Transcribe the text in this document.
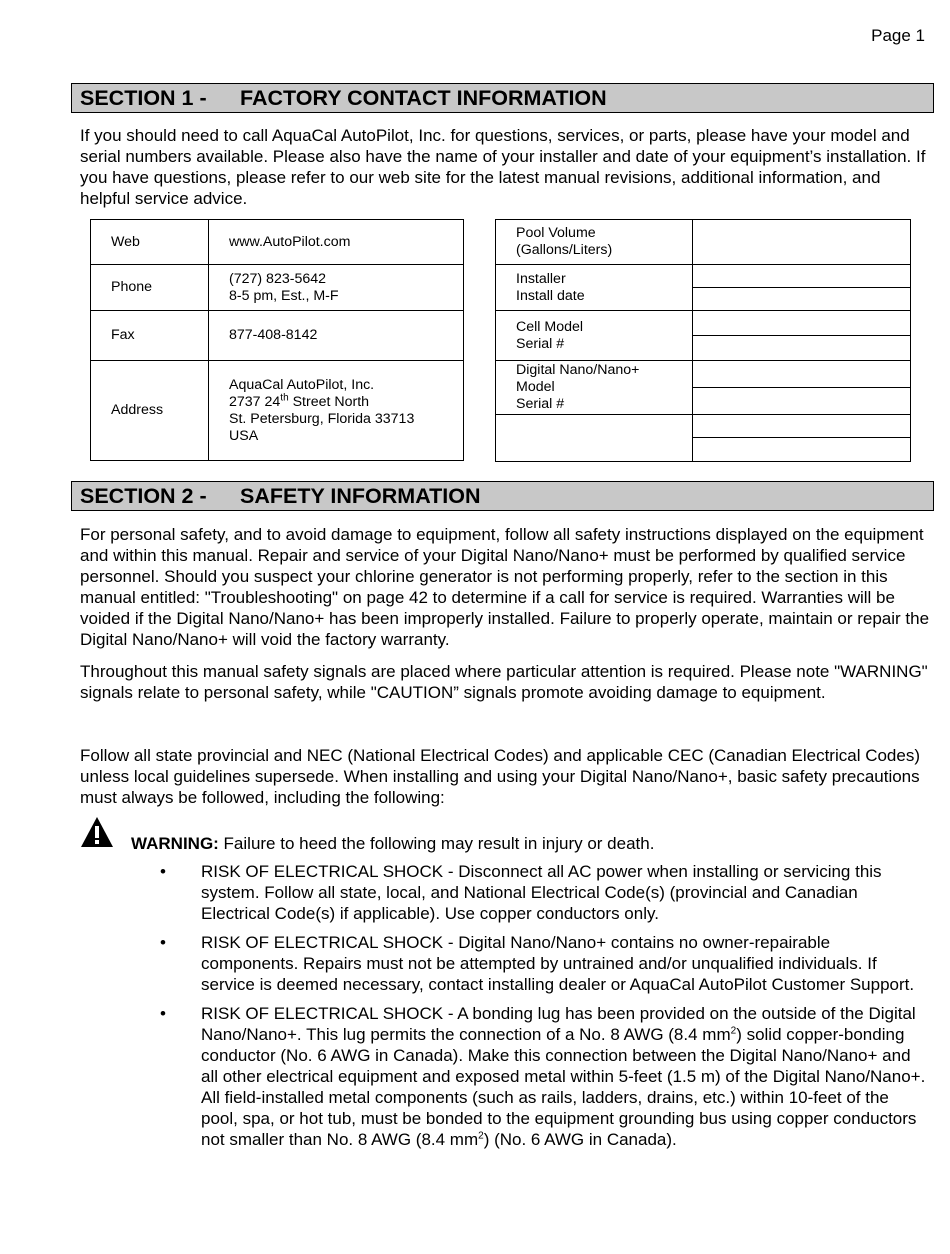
Page 1
SECTION 1 - FACTORY CONTACT INFORMATION

If you should need to call AquaCal AutoPilot, Inc. for questions, services, or parts, please have your model and serial numbers available. Please also have the name of your installer and date of your equipment’s installation. If you have questions, please refer to our web site for the latest manual revisions, additional information, and helpful service advice.

Web	www.AutoPilot.com
Phone	(727) 823-5642
8-5 pm, Est., M-F

Fax	877-408-8142
Address	AquaCal AutoPilot, Inc.
2737 24th Street North
St. Petersburg, Florida 33713
USA
Pool Volume
(Gallons/Liters)	

Installer
Install date	

Cell Model
Serial #	

Digital Nano/Nano+
Model
Serial #	

SECTION 2 - SAFETY INFORMATION

For personal safety, and to avoid damage to equipment, follow all safety instructions displayed on the equipment and within this manual. Repair and service of your Digital Nano/Nano+ must be performed by qualified service personnel. Should you suspect your chlorine generator is not performing properly, refer to the section in this manual entitled: "Troubleshooting" on page 42 to determine if a call for service is required. Warranties will be voided if the Digital Nano/Nano+ has been improperly installed. Failure to properly operate, maintain or repair the Digital Nano/Nano+ will void the factory warranty.

Throughout this manual safety signals are placed where particular attention is required. Please note "WARNING" signals relate to personal safety, while "CAUTION” signals promote avoiding damage to equipment.

Follow all state provincial and NEC (National Electrical Codes) and applicable CEC (Canadian Electrical Codes) unless local guidelines supersede. When installing and using your Digital Nano/Nano+, basic safety precautions must always be followed, including the following:

WARNING: Failure to heed the following may result in injury or death.
• RISK OF ELECTRICAL SHOCK - Disconnect all AC power when installing or servicing this system. Follow all state, local, and National Electrical Code(s) (provincial and Canadian Electrical Code(s) if applicable). Use copper conductors only.
• RISK OF ELECTRICAL SHOCK - Digital Nano/Nano+ contains no owner-repairable components. Repairs must not be attempted by untrained and/or unqualified individuals. If service is deemed necessary, contact installing dealer or AquaCal AutoPilot Customer Support.
• RISK OF ELECTRICAL SHOCK - A bonding lug has been provided on the outside of the Digital Nano/Nano+. This lug permits the connection of a No. 8 AWG (8.4 $mm^2$) solid copper-bonding conductor (No. 6 AWG in Canada). Make this connection between the Digital Nano/Nano+ and all other electrical equipment and exposed metal within 5-feet (1.5 m) of the Digital Nano/Nano+. All field-installed metal components (such as rails, ladders, drains, etc.) within 10-feet of the pool, spa, or hot tub, must be bonded to the equipment grounding bus using copper conductors not smaller than No. 8 AWG (8.4 $mm^2$) (No. 6 AWG in Canada).
